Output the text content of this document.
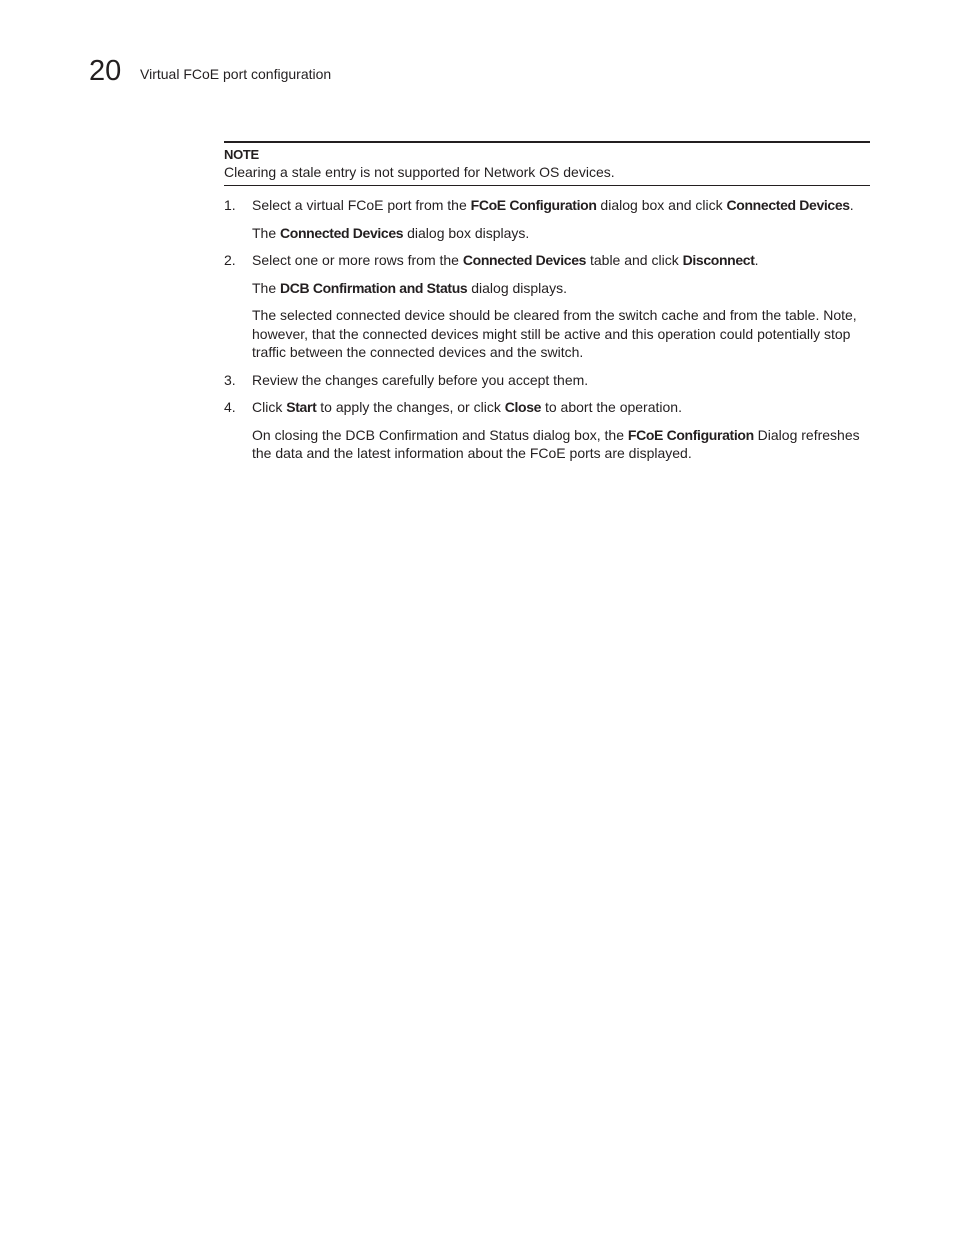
20 Virtual FCoE port configuration
NOTE
Clearing a stale entry is not supported for Network OS devices.
1. Select a virtual FCoE port from the FCoE Configuration dialog box and click Connected Devices.

The Connected Devices dialog box displays.

2. Select one or more rows from the Connected Devices table and click Disconnect.

The DCB Confirmation and Status dialog displays.

The selected connected device should be cleared from the switch cache and from the table. Note, however, that the connected devices might still be active and this operation could potentially stop traffic between the connected devices and the switch.

3. Review the changes carefully before you accept them.

4. Click Start to apply the changes, or click Close to abort the operation.

On closing the DCB Confirmation and Status dialog box, the FCoE Configuration Dialog refreshes the data and the latest information about the FCoE ports are displayed.
